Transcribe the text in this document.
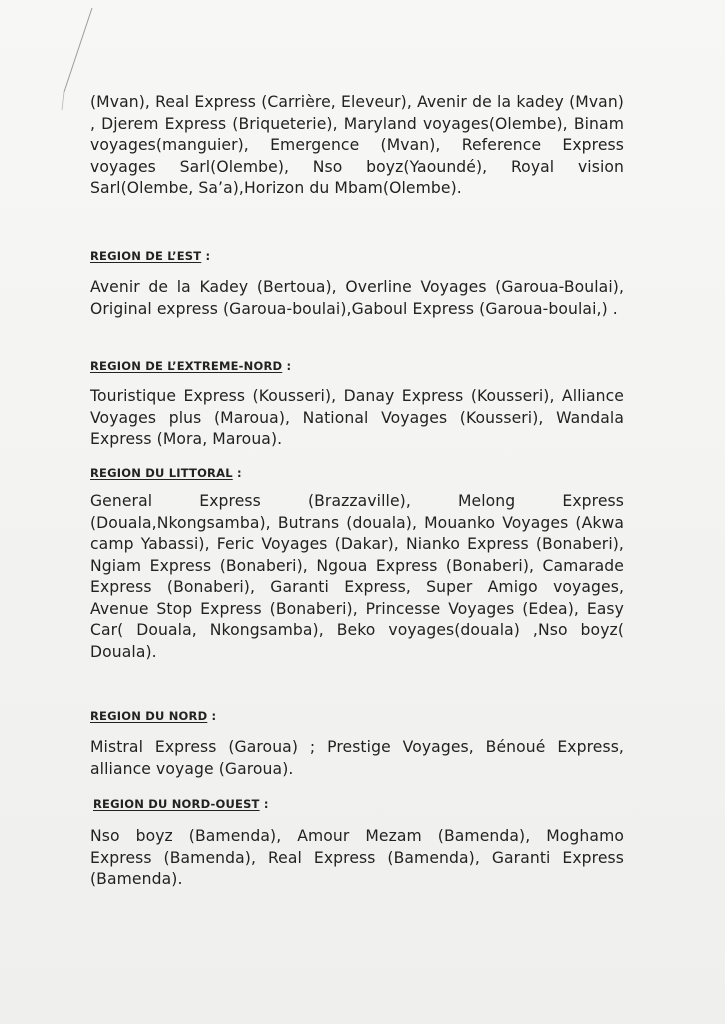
(Mvan), Real Express (Carrière, Eleveur), Avenir de la kadey (Mvan) , Djerem Express (Briqueterie), Maryland voyages(Olembe), Binam voyages(manguier), Emergence (Mvan), Reference Express voyages Sarl(Olembe), Nso boyz(Yaoundé), Royal vision Sarl(Olembe, Sa’a),Horizon du Mbam(Olembe).

REGION DE L’EST :

Avenir de la Kadey (Bertoua), Overline Voyages (Garoua-Boulai), Original express (Garoua-boulai),Gaboul Express (Garoua-boulai,) .

REGION DE L’EXTREME-NORD :

Touristique Express (Kousseri), Danay Express (Kousseri), Alliance Voyages plus (Maroua), National Voyages (Kousseri), Wandala Express (Mora, Maroua).

REGION DU LITTORAL :

General Express (Brazzaville), Melong Express (Douala,Nkongsamba), Butrans (douala), Mouanko Voyages (Akwa camp Yabassi), Feric Voyages (Dakar), Nianko Express (Bonaberi), Ngiam Express (Bonaberi), Ngoua Express (Bonaberi), Camarade Express (Bonaberi), Garanti Express, Super Amigo voyages, Avenue Stop Express (Bonaberi), Princesse Voyages (Edea), Easy Car( Douala, Nkongsamba), Beko voyages(douala) ,Nso boyz( Douala).

REGION DU NORD :

Mistral Express (Garoua) ; Prestige Voyages, Bénoué Express, alliance voyage (Garoua).

REGION DU NORD-OUEST :

Nso boyz (Bamenda), Amour Mezam (Bamenda), Moghamo Express (Bamenda), Real Express (Bamenda), Garanti Express (Bamenda).
